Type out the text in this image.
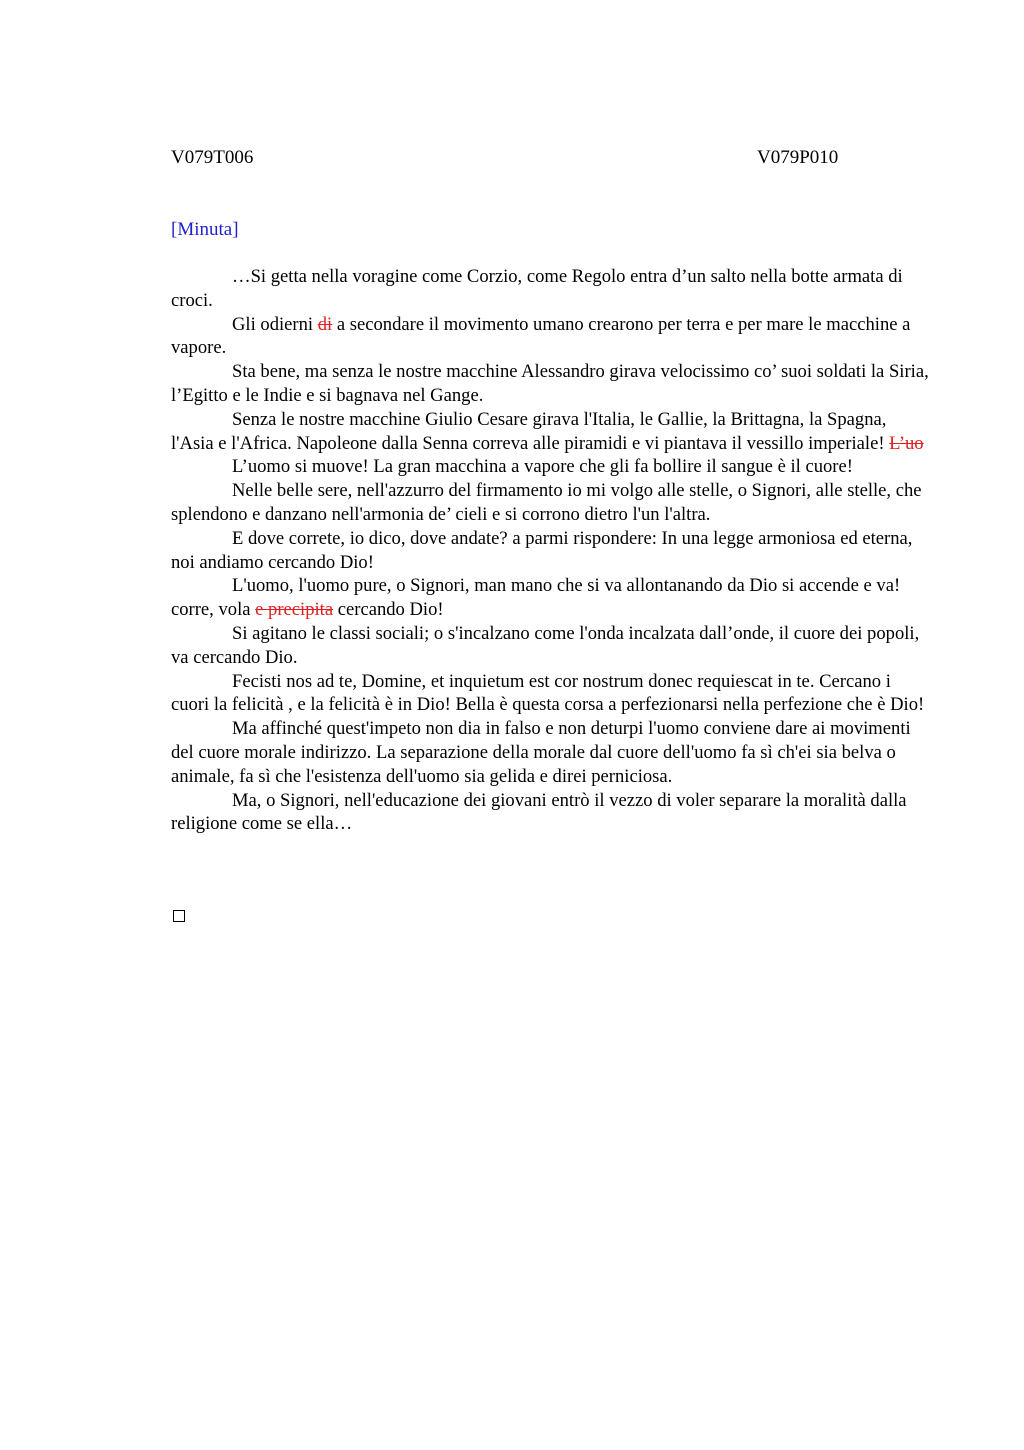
V079T006	V079P010
[Minuta]

…Si getta nella voragine come Corzio, come Regolo entra d’un salto nella botte armata di croci.

Gli odierni di a secondare il movimento umano crearono per terra e per mare le macchine a vapore.

Sta bene, ma senza le nostre macchine Alessandro girava velocissimo co’ suoi soldati la Siria, l’Egitto e le Indie e si bagnava nel Gange.

Senza le nostre macchine Giulio Cesare girava l'Italia, le Gallie, la Brittagna, la Spagna, l'Asia e l'Africa. Napoleone dalla Senna correva alle piramidi e vi piantava il vessillo imperiale! L’uo

L’uomo si muove! La gran macchina a vapore che gli fa bollire il sangue è il cuore!

Nelle belle sere, nell'azzurro del firmamento io mi volgo alle stelle, o Signori, alle stelle, che splendono e danzano nell'armonia de’ cieli e si corrono dietro l'un l'altra.

E dove correte, io dico, dove andate? a parmi rispondere: In una legge armoniosa ed eterna, noi andiamo cercando Dio!

L'uomo, l'uomo pure, o Signori, man mano che si va allontanando da Dio si accende e va! corre, vola e precipita cercando Dio!

Si agitano le classi sociali; o s'incalzano come l'onda incalzata dall’onde, il cuore dei popoli, va cercando Dio.

Fecisti nos ad te, Domine, et inquietum est cor nostrum donec requiescat in te. Cercano i cuori la felicità , e la felicità è in Dio! Bella è questa corsa a perfezionarsi nella perfezione che è Dio!

Ma affinché quest'impeto non dia in falso e non deturpi l'uomo conviene dare ai movimenti del cuore morale indirizzo. La separazione della morale dal cuore dell'uomo fa sì ch'ei sia belva o animale, fa sì che l'esistenza dell'uomo sia gelida e direi perniciosa.

Ma, o Signori, nell'educazione dei giovani entrò il vezzo di voler separare la moralità dalla religione come se ella…
